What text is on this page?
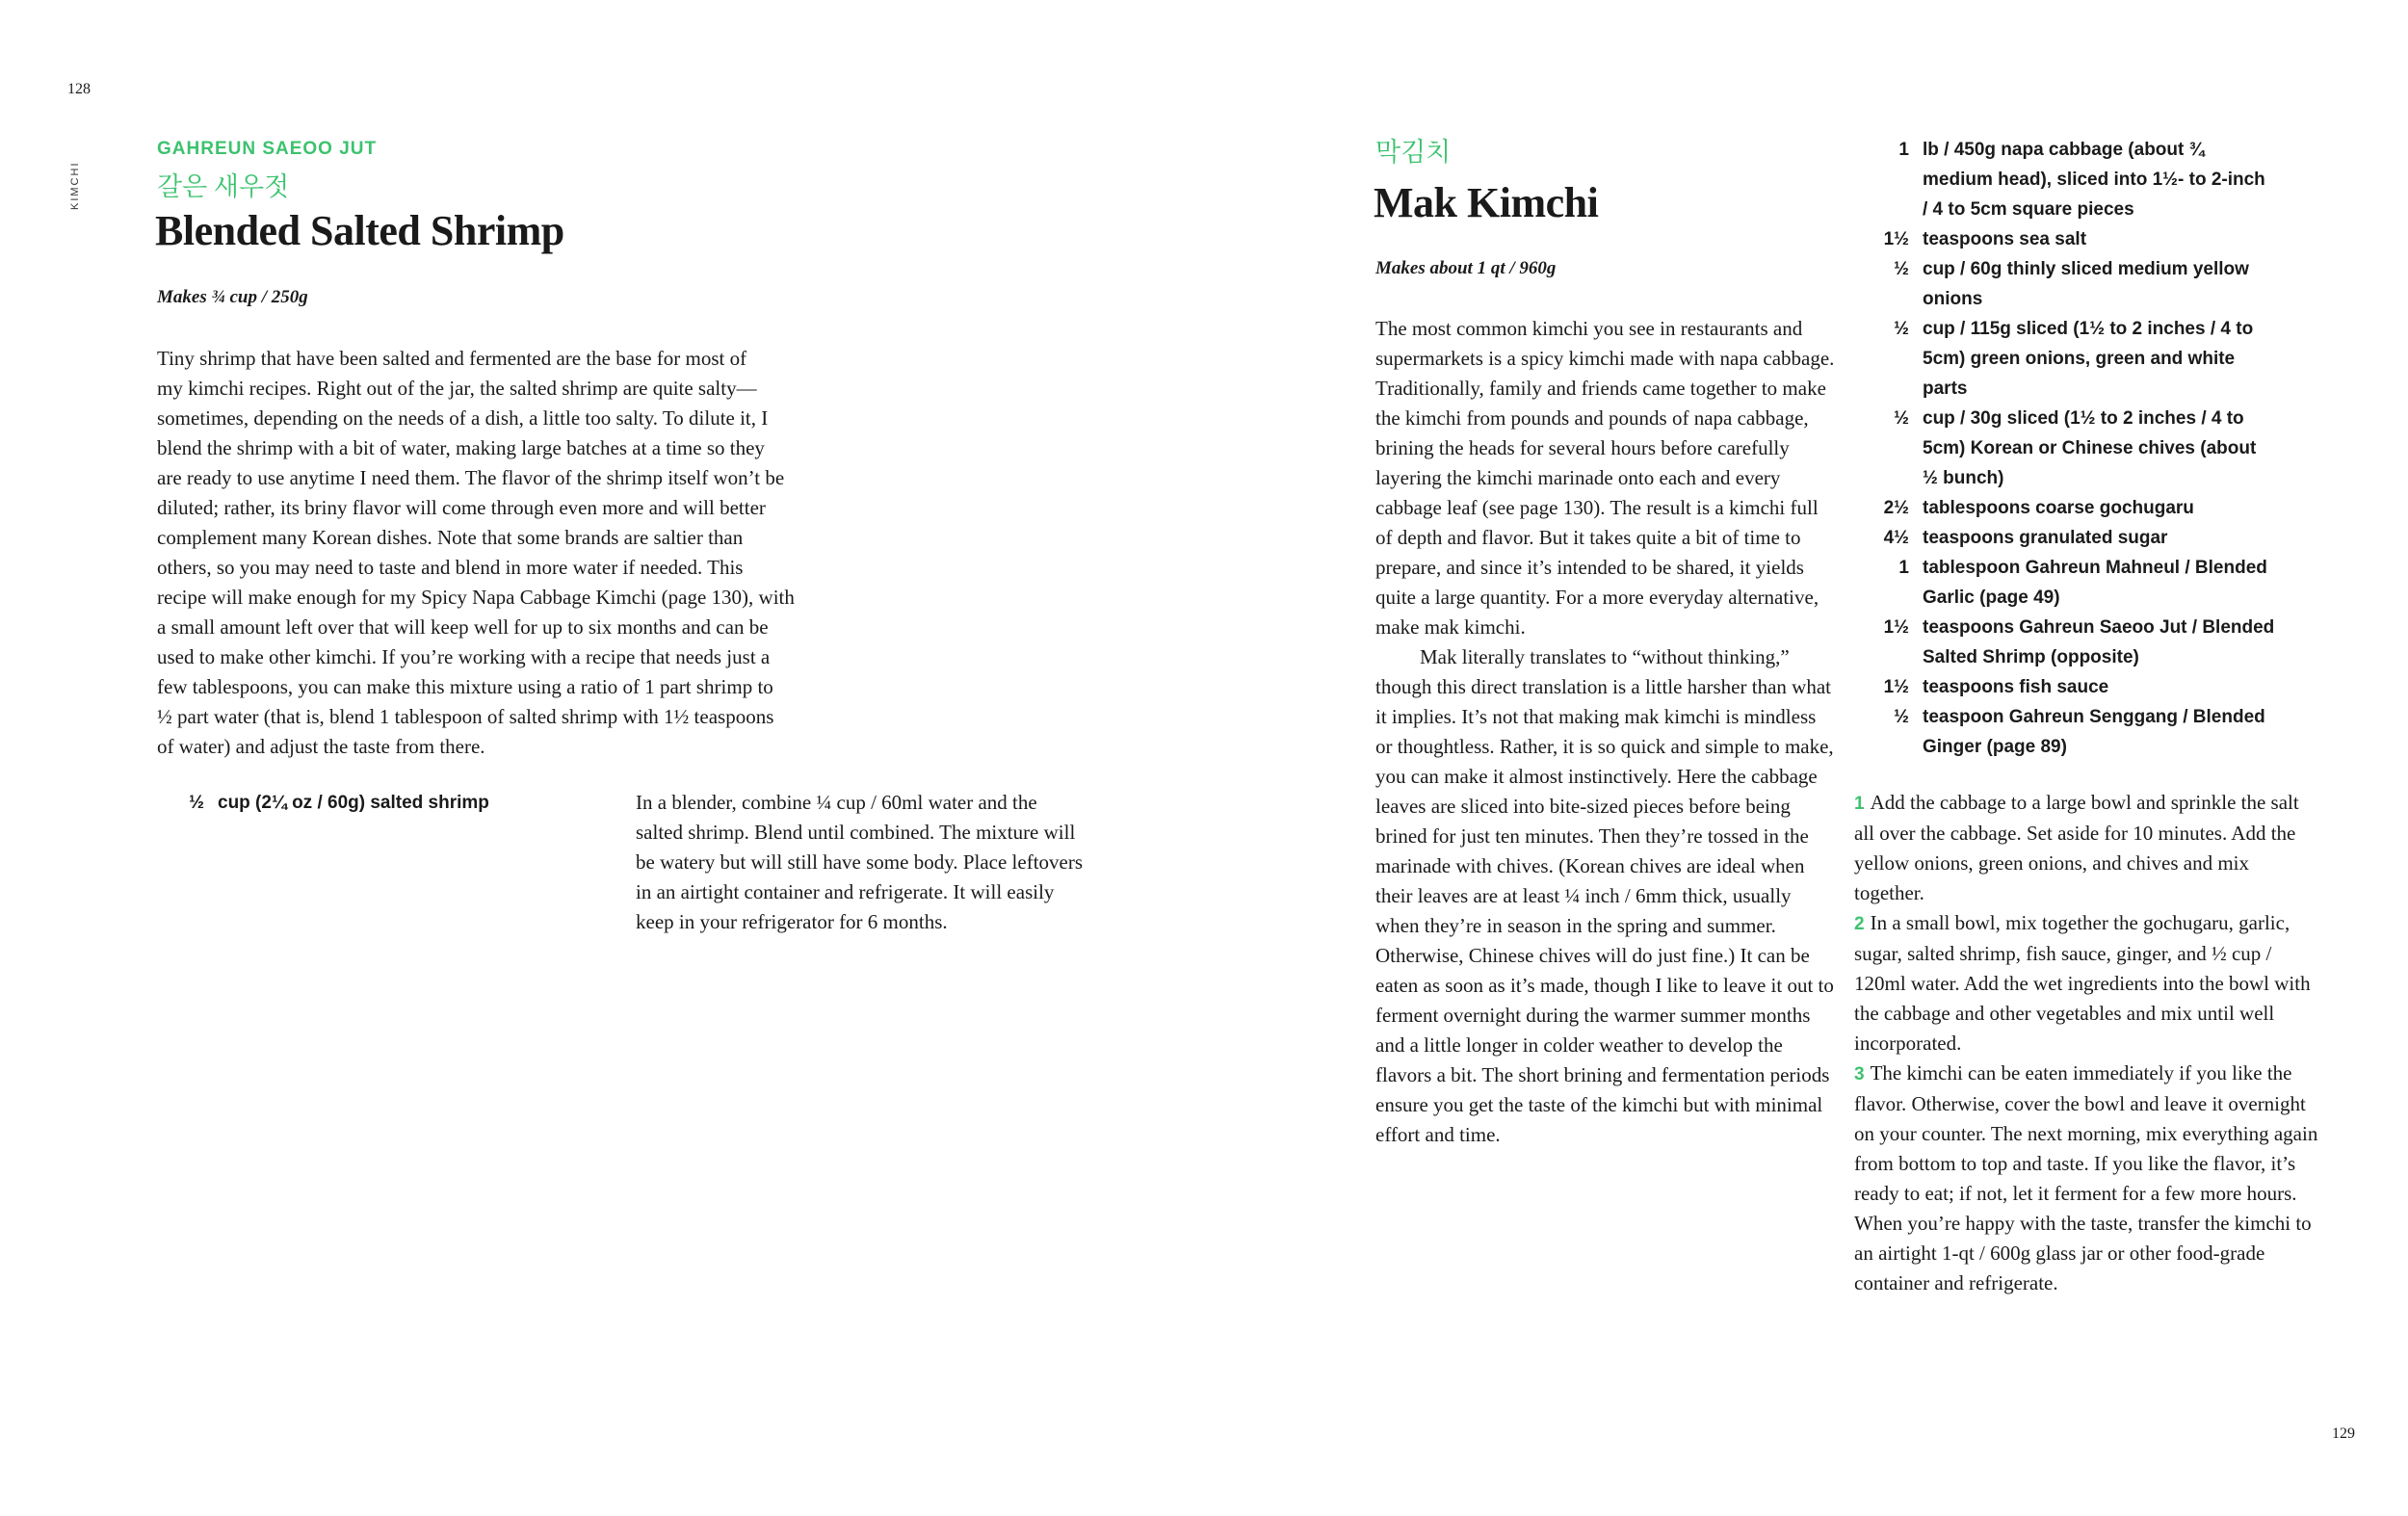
128
KIMCHI
GAHREUN SAEOO JUT
갈은 새우젓
Blended Salted Shrimp
Makes ¾ cup / 250g
Tiny shrimp that have been salted and fermented are the base for most of
my kimchi recipes. Right out of the jar, the salted shrimp are quite salty—
sometimes, depending on the needs of a dish, a little too salty. To dilute it, I
blend the shrimp with a bit of water, making large batches at a time so they
are ready to use anytime I need them. The flavor of the shrimp itself won’t be
diluted; rather, its briny flavor will come through even more and will better
complement many Korean dishes. Note that some brands are saltier than
others, so you may need to taste and blend in more water if needed. This
recipe will make enough for my Spicy Napa Cabbage Kimchi (page 130), with
a small amount left over that will keep well for up to six months and can be
used to make other kimchi. If you’re working with a recipe that needs just a
few tablespoons, you can make this mixture using a ratio of 1 part shrimp to
½ part water (that is, blend 1 tablespoon of salted shrimp with 1½ teaspoons
of water) and adjust the taste from there.
½ cup (2¼ oz / 60g) salted shrimp	In a blender, combine ¼ cup / 60ml water and the salted shrimp. Blend until combined. The mixture will be watery but will still have some body. Place leftovers in an airtight container and refrigerate. It will easily keep in your refrigerator for 6 months.
막김치
Mak Kimchi
Makes about 1 qt / 960g

The most common kimchi you see in restaurants and supermarkets is a spicy kimchi made with napa cabbage. Traditionally, family and friends came together to make the kimchi from pounds and pounds of napa cabbage, brining the heads for several hours before carefully layering the kimchi marinade onto each and every cabbage leaf (see page 130). The result is a kimchi full of depth and flavor. But it takes quite a bit of time to prepare, and since it’s intended to be shared, it yields quite a large quantity. For a more everyday alternative, make mak kimchi.

Mak literally translates to “without thinking,” though this direct translation is a little harsher than what it implies. It’s not that making mak kimchi is mindless or thoughtless. Rather, it is so quick and simple to make, you can make it almost instinctively. Here the cabbage leaves are sliced into bite-sized pieces before being brined for just ten minutes. Then they’re tossed in the marinade with chives. (Korean chives are ideal when their leaves are at least ¼ inch / 6mm thick, usually when they’re in season in the spring and summer. Otherwise, Chinese chives will do just fine.) It can be eaten as soon as it’s made, though I like to leave it out to ferment overnight during the warmer summer months and a little longer in colder weather to develop the flavors a bit. The short brining and fermentation periods ensure you get the taste of the kimchi but with minimal effort and time.

1 lb / 450g napa cabbage (about ¾ medium head), sliced into 1½- to 2-inch / 4 to 5cm square pieces
1½ teaspoons sea salt
½ cup / 60g thinly sliced medium yellow onions
½ cup / 115g sliced (1½ to 2 inches / 4 to 5cm) green onions, green and white parts
½ cup / 30g sliced (1½ to 2 inches / 4 to 5cm) Korean or Chinese chives (about ½ bunch)
2½ tablespoons coarse gochugaru
4½ teaspoons granulated sugar
1 tablespoon Gahreun Mahneul / Blended Garlic (page 49)
1½ teaspoons Gahreun Saeoo Jut / Blended Salted Shrimp (opposite)
1½ teaspoons fish sauce
½ teaspoon Gahreun Senggang / Blended Ginger (page 89)

1 Add the cabbage to a large bowl and sprinkle the salt all over the cabbage. Set aside for 10 minutes. Add the yellow onions, green onions, and chives and mix together.

2 In a small bowl, mix together the gochugaru, garlic, sugar, salted shrimp, fish sauce, ginger, and ½ cup / 120ml water. Add the wet ingredients into the bowl with the cabbage and other vegetables and mix until well incorporated.

3 The kimchi can be eaten immediately if you like the flavor. Otherwise, cover the bowl and leave it overnight on your counter. The next morning, mix everything again from bottom to top and taste. If you like the flavor, it’s ready to eat; if not, let it ferment for a few more hours. When you’re happy with the taste, transfer the kimchi to an airtight 1-qt / 600g glass jar or other food-grade container and refrigerate.

129
